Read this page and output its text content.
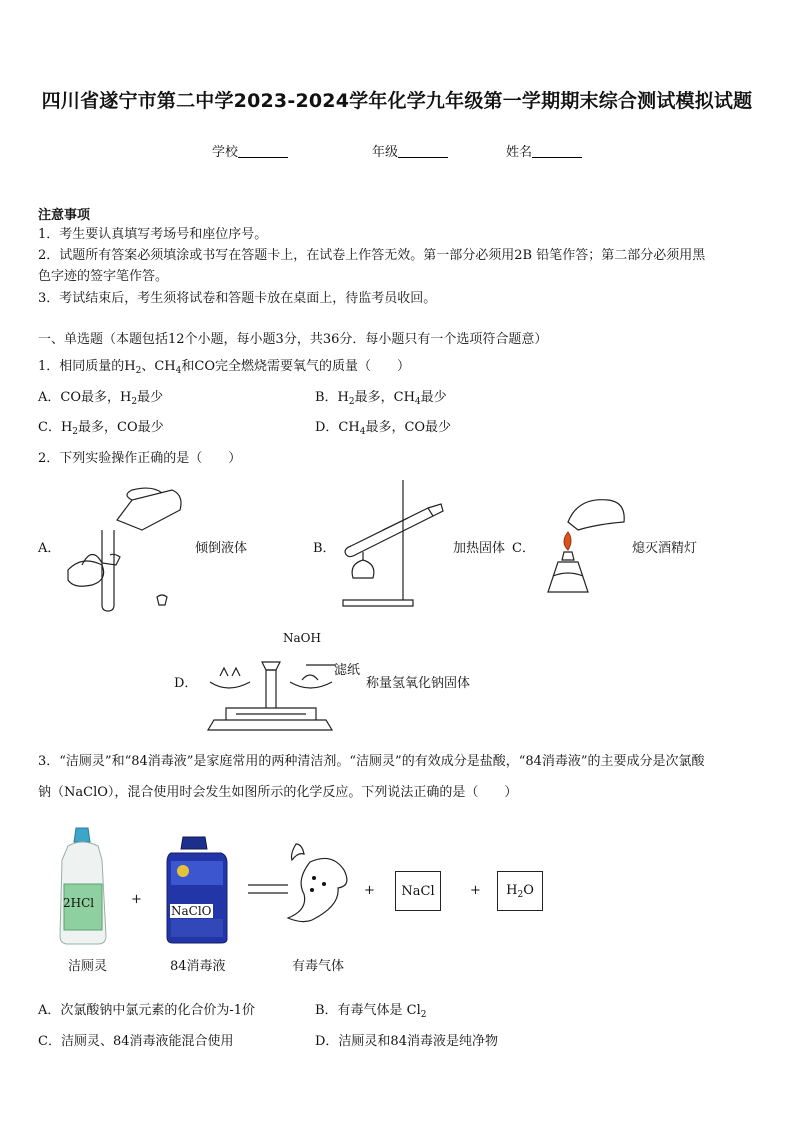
四川省遂宁市第二中学2023-2024学年化学九年级第一学期期末综合测试模拟试题
学校	年级	姓名
注意事项
1．考生要认真填写考场号和座位序号。
2．试题所有答案必须填涂或书写在答题卡上，在试卷上作答无效。第一部分必须用2B 铅笔作答；第二部分必须用黑
色字迹的签字笔作答。
3．考试结束后，考生须将试卷和答题卡放在桌面上，待监考员收回。
一、单选题（本题包括12个小题，每小题3分，共36分．每小题只有一个选项符合题意）
1．相同质量的$H_2$、$CH_4$和CO完全燃烧需要氧气的质量（　　）
A．CO最多，$H_2$最少	B．$H_2$最多，$CH_4$最少
C．$H_2$最多，CO最少	D．$CH_4$最多，CO最少
2．下列实验操作正确的是（　　）
A．	倾倒液体	B．	加热固体 C．	熄灭酒精灯
D．
NaOH
滤纸
称量氢氧化钠固体
3．“洁厕灵”和“84消毒液”是家庭常用的两种清洁剂。“洁厕灵”的有效成分是盐酸，“84消毒液”的主要成分是次氯酸
钠（NaClO），混合使用时会发生如图所示的化学反应。下列说法正确的是（　　）
2HCl	+
NaClO
+ NaCl	+ $H_2O$
洁厕灵	84消毒液	有毒气体
A．次氯酸钠中氯元素的化合价为-1价	B．有毒气体是 $Cl_2$
C．洁厕灵、84消毒液能混合使用	D．洁厕灵和84消毒液是纯净物
